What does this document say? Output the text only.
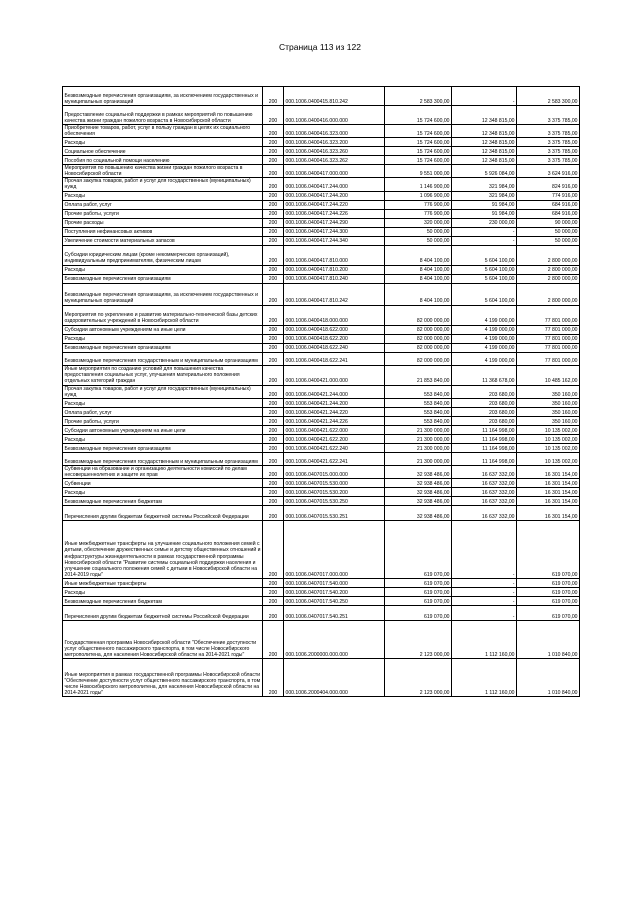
Страница 113 из 122
Безвозмездные перечисления организациям, за исключением государственных и муниципальных организаций	200	000.1006.0400415.810.242	2 583 300,00	-	2 583 300,00
Предоставление социальной поддержки в рамках мероприятий по повышению качества жизни граждан пожилого возраста в Новосибирской области	200	000.1006.0400416.000.000	15 724 600,00	12 348 815,00	3 375 785,00
Приобретение товаров, работ, услуг в пользу граждан в целях их социального обеспечения	200	000.1006.0400416.323.000	15 724 600,00	12 348 815,00	3 375 785,00
Расходы	200	000.1006.0400416.323.200	15 724 600,00	12 348 815,00	3 375 785,00
Социальное обеспечение	200	000.1006.0400416.323.260	15 724 600,00	12 348 815,00	3 375 785,00
Пособия по социальной помощи населению	200	000.1006.0400416.323.262	15 724 600,00	12 348 815,00	3 375 785,00
Мероприятия по повышению качества жизни граждан пожилого возраста в Новосибирской области	200	000.1006.0400417.000.000	9 551 000,00	5 926 084,00	3 624 916,00
Прочая закупка товаров, работ и услуг для государственных (муниципальных) нужд	200	000.1006.0400417.244.000	1 146 900,00	321 984,00	824 916,00
Расходы	200	000.1006.0400417.244.200	1 096 900,00	321 984,00	774 916,00
Оплата работ, услуг	200	000.1006.0400417.244.220	776 900,00	91 984,00	684 916,00
Прочие работы, услуги	200	000.1006.0400417.244.226	776 900,00	91 984,00	684 916,00
Прочие расходы	200	000.1006.0400417.244.290	320 000,00	230 000,00	90 000,00
Поступления нефинансовых активов	200	000.1006.0400417.244.300	50 000,00	-	50 000,00
Увеличение стоимости материальных запасов	200	000.1006.0400417.244.340	50 000,00	-	50 000,00
Субсидии юридическим лицам (кроме некоммерческих организаций), индивидуальным предпринимателям, физическим лицам	200	000.1006.0400417.810.000	8 404 100,00	5 604 100,00	2 800 000,00
Расходы	200	000.1006.0400417.810.200	8 404 100,00	5 604 100,00	2 800 000,00
Безвозмездные перечисления организациям	200	000.1006.0400417.810.240	8 404 100,00	5 604 100,00	2 800 000,00
Безвозмездные перечисления организациям, за исключением государственных и муниципальных организаций	200	000.1006.0400417.810.242	8 404 100,00	5 604 100,00	2 800 000,00
Мероприятия по укреплению и развитию материально-технической базы детских оздоровительных учреждений в Новосибирской области	200	000.1006.0400418.000.000	82 000 000,00	4 199 000,00	77 801 000,00
Субсидии автономным учреждениям на иные цели	200	000.1006.0400418.622.000	82 000 000,00	4 199 000,00	77 801 000,00
Расходы	200	000.1006.0400418.622.200	82 000 000,00	4 199 000,00	77 801 000,00
Безвозмездные перечисления организациям	200	000.1006.0400418.622.240	82 000 000,00	4 199 000,00	77 801 000,00
Безвозмездные перечисления государственным и муниципальным организациям	200	000.1006.0400418.622.241	82 000 000,00	4 199 000,00	77 801 000,00
Иные мероприятия по созданию условий для повышения качества предоставления социальных услуг, улучшения материального положения отдельных категорий граждан	200	000.1006.0400421.000.000	21 853 840,00	11 368 678,00	10 485 162,00
Прочая закупка товаров, работ и услуг для государственных (муниципальных) нужд	200	000.1006.0400421.244.000	553 840,00	203 680,00	350 160,00
Расходы	200	000.1006.0400421.244.200	553 840,00	203 680,00	350 160,00
Оплата работ, услуг	200	000.1006.0400421.244.220	553 840,00	203 680,00	350 160,00
Прочие работы, услуги	200	000.1006.0400421.244.226	553 840,00	203 680,00	350 160,00
Субсидии автономным учреждениям на иные цели	200	000.1006.0400421.622.000	21 300 000,00	11 164 998,00	10 135 002,00
Расходы	200	000.1006.0400421.622.200	21 300 000,00	11 164 998,00	10 135 002,00
Безвозмездные перечисления организациям	200	000.1006.0400421.622.240	21 300 000,00	11 164 998,00	10 135 002,00
Безвозмездные перечисления государственным и муниципальным организациям	200	000.1006.0400421.622.241	21 300 000,00	11 164 998,00	10 135 002,00
Субвенции на образование и организацию деятельности комиссий по делам несовершеннолетних и защите их прав	200	000.1006.0407015.000.000	32 938 486,00	16 637 332,00	16 301 154,00
Субвенции	200	000.1006.0407015.530.000	32 938 486,00	16 637 332,00	16 301 154,00
Расходы	200	000.1006.0407015.530.200	32 938 486,00	16 637 332,00	16 301 154,00
Безвозмездные перечисления бюджетам	200	000.1006.0407015.530.250	32 938 486,00	16 637 332,00	16 301 154,00
Перечисления другим бюджетам бюджетной системы Российской Федерации	200	000.1006.0407015.530.251	32 938 486,00	16 637 332,00	16 301 154,00
Иные межбюджетные трансферты на улучшение социального положения семей с детьми, обеспечение дружественных семье и детству общественных отношений и инфраструктуры жизнедеятельности в рамках государственной программы Новосибирской области "Развитие системы социальной поддержки населения и улучшение социального положения семей с детьми в Новосибирской области на 2014-2019 годы"	200	000.1006.0407017.000.000	619 070,00	-	619 070,00
Иные межбюджетные трансферты	200	000.1006.0407017.540.000	619 070,00	-	619 070,00
Расходы	200	000.1006.0407017.540.200	619 070,00	-	619 070,00
Безвозмездные перечисления бюджетам	200	000.1006.0407017.540.250	619 070,00	-	619 070,00
Перечисления другим бюджетам бюджетной системы Российской Федерации	200	000.1006.0407017.540.251	619 070,00	-	619 070,00
Государственная программа Новосибирской области "Обеспечение доступности услуг общественного пассажирского транспорта, в том числе Новосибирского метрополитена, для населения Новосибирской области на 2014-2021 годы"	200	000.1006.2000000.000.000	2 123 000,00	1 112 160,00	1 010 840,00
Иные мероприятия в рамках государственной программы Новосибирской области "Обеспечение доступности услуг общественного пассажирского транспорта, в том числе Новосибирского метрополитена, для населения Новосибирской области на 2014-2021 годы"	200	000.1006.2000404.000.000	2 123 000,00	1 112 160,00	1 010 840,00
